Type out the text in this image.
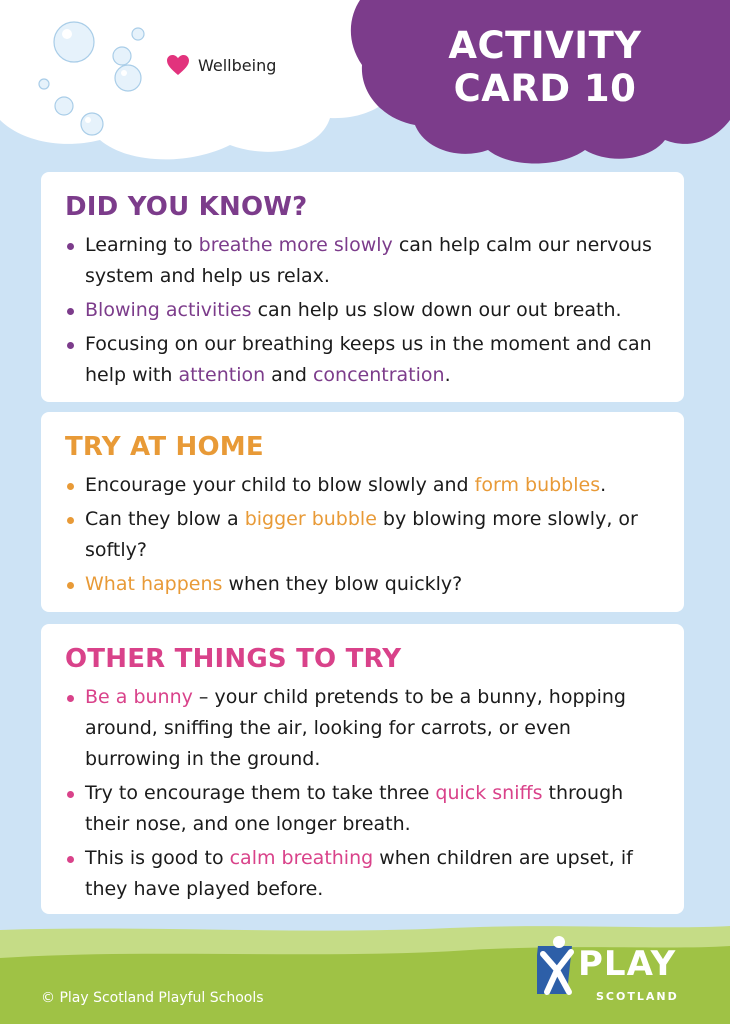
Wellbeing	ACTIVITY
CARD 10
DID YOU KNOW?
Learning to breathe more slowly can help calm our nervous system and help us relax.
Blowing activities can help us slow down our out breath.
Focusing on our breathing keeps us in the moment and can help with attention and concentration.
TRY AT HOME
Encourage your child to blow slowly and form bubbles.
Can they blow a bigger bubble by blowing more slowly, or softly?
What happens when they blow quickly?
OTHER THINGS TO TRY
Be a bunny – your child pretends to be a bunny, hopping around, sniffing the air, looking for carrots, or even burrowing in the ground.
Try to encourage them to take three quick sniffs through their nose, and one longer breath.
This is good to calm breathing when children are upset, if they have played before.
© Play Scotland Playful Schools
PLAY
SCOTLAND
